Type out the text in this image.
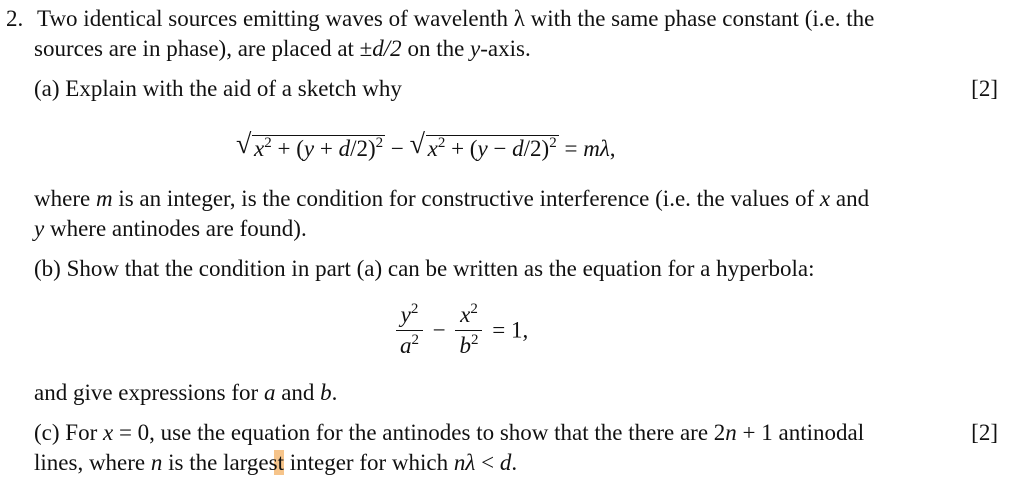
2. Two identical sources emitting waves of wavelenth λ with the same phase constant (i.e. the
sources are in phase), are placed at ±d/2 on the y-axis.
(a) Explain with the aid of a sketch why	[2]
√ $x^2 + (y + d/2)^2$ − √ $x^2 + (y - d/2)^2 = m\lambda$,
where m is an integer, is the condition for constructive interference (i.e. the values of x and
y where antinodes are found).
(b) Show that the condition in part (a) can be written as the equation for a hyperbola:
$\frac{y^2}{a^2} - \frac{x^2}{b^2} = 1$,
and give expressions for a and b.
(c) For x = 0, use the equation for the antinodes to show that the there are 2n + 1 antinodal	[2]
lines, where n is the largest integer for which nλ < d.
